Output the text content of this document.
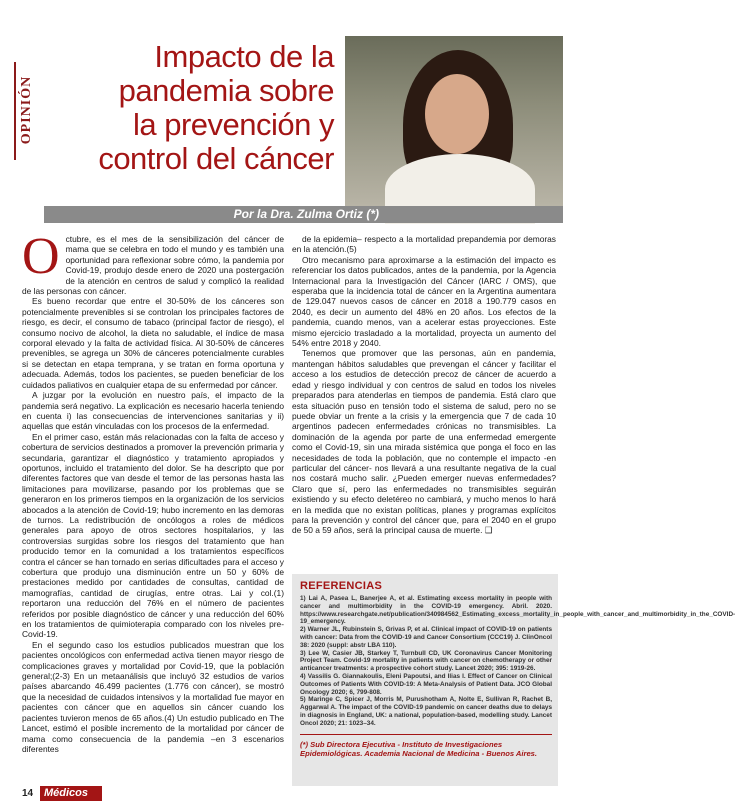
OPINIÓN
Impacto de la
pandemia sobre
la prevención y
control del cáncer
Por la Dra. Zulma Ortiz (*)

Octubre, es el mes de la sensibilización del cáncer de mama que se celebra en todo el mundo y es también una oportunidad para reflexionar sobre cómo, la pandemia por Covid-19, produjo desde enero de 2020 una postergación de la atención en centros de salud y complicó la realidad de las personas con cáncer.

Es bueno recordar que entre el 30-50% de los cánceres son potencialmente prevenibles si se controlan los principales factores de riesgo, es decir, el consumo de tabaco (principal factor de riesgo), el consumo nocivo de alcohol, la dieta no saludable, el índice de masa corporal elevado y la falta de actividad física. Al 30-50% de cánceres prevenibles, se agrega un 30% de cánceres potencialmente curables si se detectan en etapa temprana, y se tratan en forma oportuna y adecuada. Además, todos los pacientes, se pueden beneficiar de los cuidados paliativos en cualquier etapa de su enfermedad por cáncer.

A juzgar por la evolución en nuestro país, el impacto de la pandemia será negativo. La explicación es necesario hacerla teniendo en cuenta i) las consecuencias de intervenciones sanitarias y ii) aquellas que están vinculadas con los procesos de la enfermedad.

En el primer caso, están más relacionadas con la falta de acceso y cobertura de servicios destinados a promover la prevención primaria y secundaria, garantizar el diagnóstico y tratamiento apropiados y oportunos, incluido el tratamiento del dolor. Se ha descripto que por diferentes factores que van desde el temor de las personas hasta las limitaciones para movilizarse, pasando por los problemas que se generaron en los primeros tiempos en la organización de los servicios abocados a la atención de Covid-19; hubo incremento en las demoras de turnos. La redistribución de oncólogos a roles de médicos generales para apoyo de otros sectores hospitalarios, y las controversias surgidas sobre los riesgos del tratamiento que han producido temor en la comunidad a los tratamientos específicos contra el cáncer se han tornado en serias dificultades para el acceso y cobertura que produjo una disminución entre un 50 y 60% de prestaciones medido por cantidades de consultas, cantidad de mamografías, cantidad de cirugías, entre otras. Lai y col.(1) reportaron una reducción del 76% en el número de pacientes referidos por posible diagnóstico de cáncer y una reducción del 60% en los tratamientos de quimioterapia comparado con los niveles pre-Covid-19.

En el segundo caso los estudios publicados muestran que los pacientes oncológicos con enfermedad activa tienen mayor riesgo de complicaciones graves y mortalidad por Covid-19, que la población general;(2-3) En un metaanálisis que incluyó 32 estudios de varios países abarcando 46.499 pacientes (1.776 con cáncer), se mostró que la necesidad de cuidados intensivos y la mortalidad fue mayor en pacientes con cáncer que en aquellos sin cáncer cuando los pacientes tuvieron menos de 65 años.(4) Un estudio publicado en The Lancet, estimó el posible incremento de la mortalidad por cáncer de mama como consecuencia de la pandemia –en 3 escenarios diferentes

de la epidemia– respecto a la mortalidad prepandemia por demoras en la atención.(5)

Otro mecanismo para aproximarse a la estimación del impacto es referenciar los datos publicados, antes de la pandemia, por la Agencia Internacional para la Investigación del Cáncer (IARC / OMS), que esperaba que la incidencia total de cáncer en la Argentina aumentara de 129.047 nuevos casos de cáncer en 2018 a 190.779 casos en 2040, es decir un aumento del 48% en 20 años. Los efectos de la pandemia, cuando menos, van a acelerar estas proyecciones. Este mismo ejercicio trasladado a la mortalidad, proyecta un aumento del 54% entre 2018 y 2040.

Tenemos que promover que las personas, aún en pandemia, mantengan hábitos saludables que prevengan el cáncer y facilitar el acceso a los estudios de detección precoz de cáncer de acuerdo a edad y riesgo individual y con centros de salud en todos los niveles preparados para atenderlas en tiempos de pandemia. Está claro que esta situación puso en tensión todo el sistema de salud, pero no se puede obviar un frente a la crisis y la emergencia que 7 de cada 10 argentinos padecen enfermedades crónicas no transmisibles. La dominación de la agenda por parte de una enfermedad emergente como el Covid-19, sin una mirada sistémica que ponga el foco en las necesidades de toda la población, que no contemple el impacto -en particular del cáncer- nos llevará a una resultante negativa de la cual nos costará mucho salir. ¿Pueden emerger nuevas enfermedades? Claro que sí, pero las enfermedades no transmisibles seguirán existiendo y su efecto deletéreo no cambiará, y mucho menos lo hará en la medida que no existan políticas, planes y programas explícitos para la prevención y control del cáncer que, para el 2040 en el grupo de 50 a 59 años, será la principal causa de muerte. ❑

REFERENCIAS

1) Lai A, Pasea L, Banerjee A, et al. Estimating excess mortality in people with cancer and multimorbidity in the COVID-19 emergency. Abril. 2020. https://www.researchgate.net/publication/340984562_Estimating_excess_mortality_in_people_with_cancer_and_multimorbidity_in_the_COVID-19_emergency.

2) Warner JL, Rubinstein S, Grivas P, et al. Clinical impact of COVID-19 on patients with cancer: Data from the COVID-19 and Cancer Consortium (CCC19) J. ClinOncol 38: 2020 (suppl: abstr LBA 110).

3) Lee W, Casier JB, Starkey T, Turnbull CD, UK Coronavirus Cancer Monitoring Project Team. Covid-19 mortality in patients with cancer on chemotherapy or other anticancer treatments: a prospective cohort study. Lancet 2020; 395: 1919-26.

4) Vassilis G. Giannakoulis, Eleni Papoutsi, and Ilias I. Effect of Cancer on Clinical Outcomes of Patients With COVID-19: A Meta-Analysis of Patient Data. JCO Global Oncology 2020; 6, 799-808.

5) Maringe C, Spicer J, Morris M, Purushotham A, Nolte E, Sullivan R, Rachet B, Aggarwal A. The impact of the COVID-19 pandemic on cancer deaths due to delays in diagnosis in England, UK: a national, population-based, modelling study. Lancet Oncol 2020; 21: 1023–34.

(*) Sub Directora Ejecutiva - Instituto de Investigaciones Epidemiológicas. Academia Nacional de Medicina - Buenos Aires.
14 Médicos
